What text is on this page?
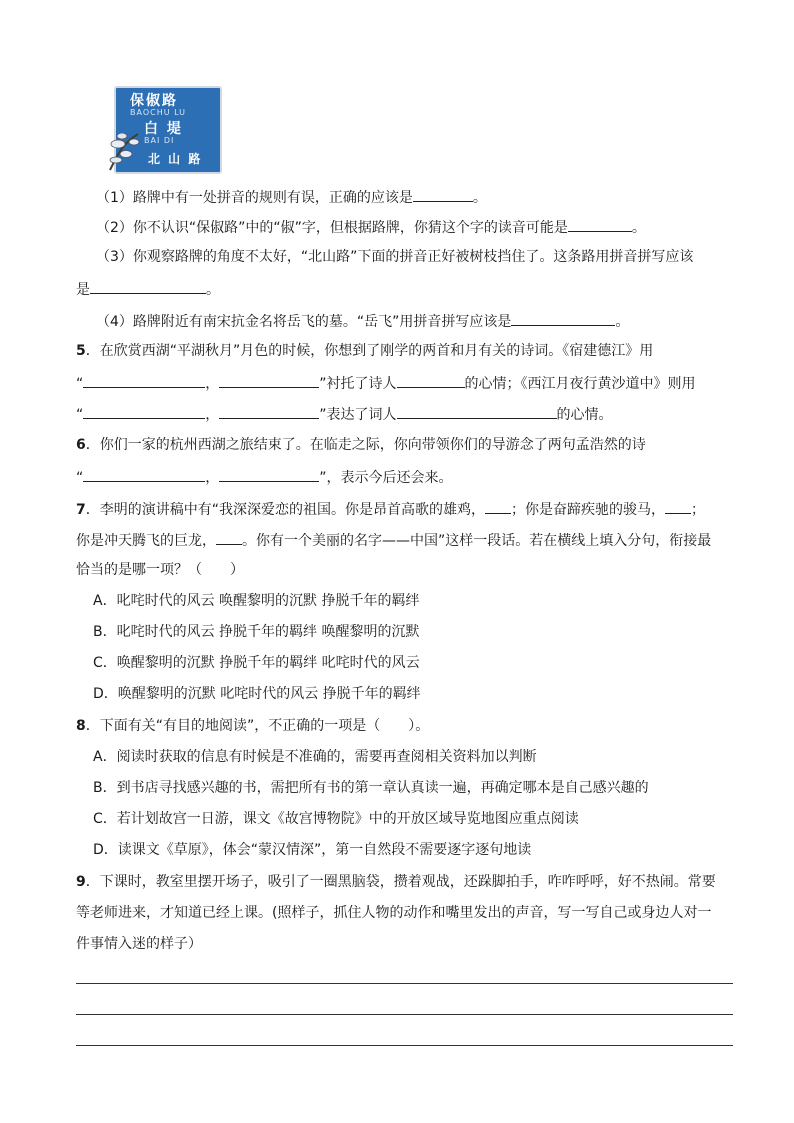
保俶路
BAOCHU LU
白 堤
BAI DI
北 山 路
（1）路牌中有一处拼音的规则有误，正确的应该是	。
（2）你不认识“保俶路”中的“俶”字，但根据路牌，你猜这个字的读音可能是	。
（3）你观察路牌的角度不太好，“北山路”下面的拼音正好被树枝挡住了。这条路用拼音拼写应该
是	。
（4）路牌附近有南宋抗金名将岳飞的墓。“岳飞”用拼音拼写应该是	。
5．在欣赏西湖“平湖秋月”月色的时候，你想到了刚学的两首和月有关的诗词。《宿建德江》用
“	，	”衬托了诗人	的心情；《西江月夜行黄沙道中》则用
“	，	”表达了词人	的心情。
6．你们一家的杭州西湖之旅结束了。在临走之际，你向带领你们的导游念了两句孟浩然的诗
“	，	”，表示今后还会来。
7．李明的演讲稿中有“我深深爱恋的祖国。你是昂首高歌的雄鸡， ；你是奋蹄疾驰的骏马， ；
你是冲天腾飞的巨龙， 。你有一个美丽的名字——中国”这样一段话。若在横线上填入分句，衔接最
恰当的是哪一项？（　　）
A．叱咤时代的风云 唤醒黎明的沉默 挣脱千年的羁绊
B．叱咤时代的风云 挣脱千年的羁绊 唤醒黎明的沉默
C．唤醒黎明的沉默 挣脱千年的羁绊 叱咤时代的风云
D．唤醒黎明的沉默 叱咤时代的风云 挣脱千年的羁绊
8．下面有关“有目的地阅读”，不正确的一项是（　　）。
A．阅读时获取的信息有时候是不准确的，需要再查阅相关资料加以判断
B．到书店寻找感兴趣的书，需把所有书的第一章认真读一遍，再确定哪本是自己感兴趣的
C．若计划故宫一日游，课文《故宫博物院》中的开放区域导览地图应重点阅读
D．读课文《草原》，体会“蒙汉情深”，第一自然段不需要逐字逐句地读
9．下课时，教室里摆开场子，吸引了一圈黑脑袋，攒着观战，还跺脚拍手，咋咋呼呼，好不热闹。常要
等老师进来，才知道已经上课。(照样子，抓住人物的动作和嘴里发出的声音，写一写自己或身边人对一
件事情入迷的样子）
